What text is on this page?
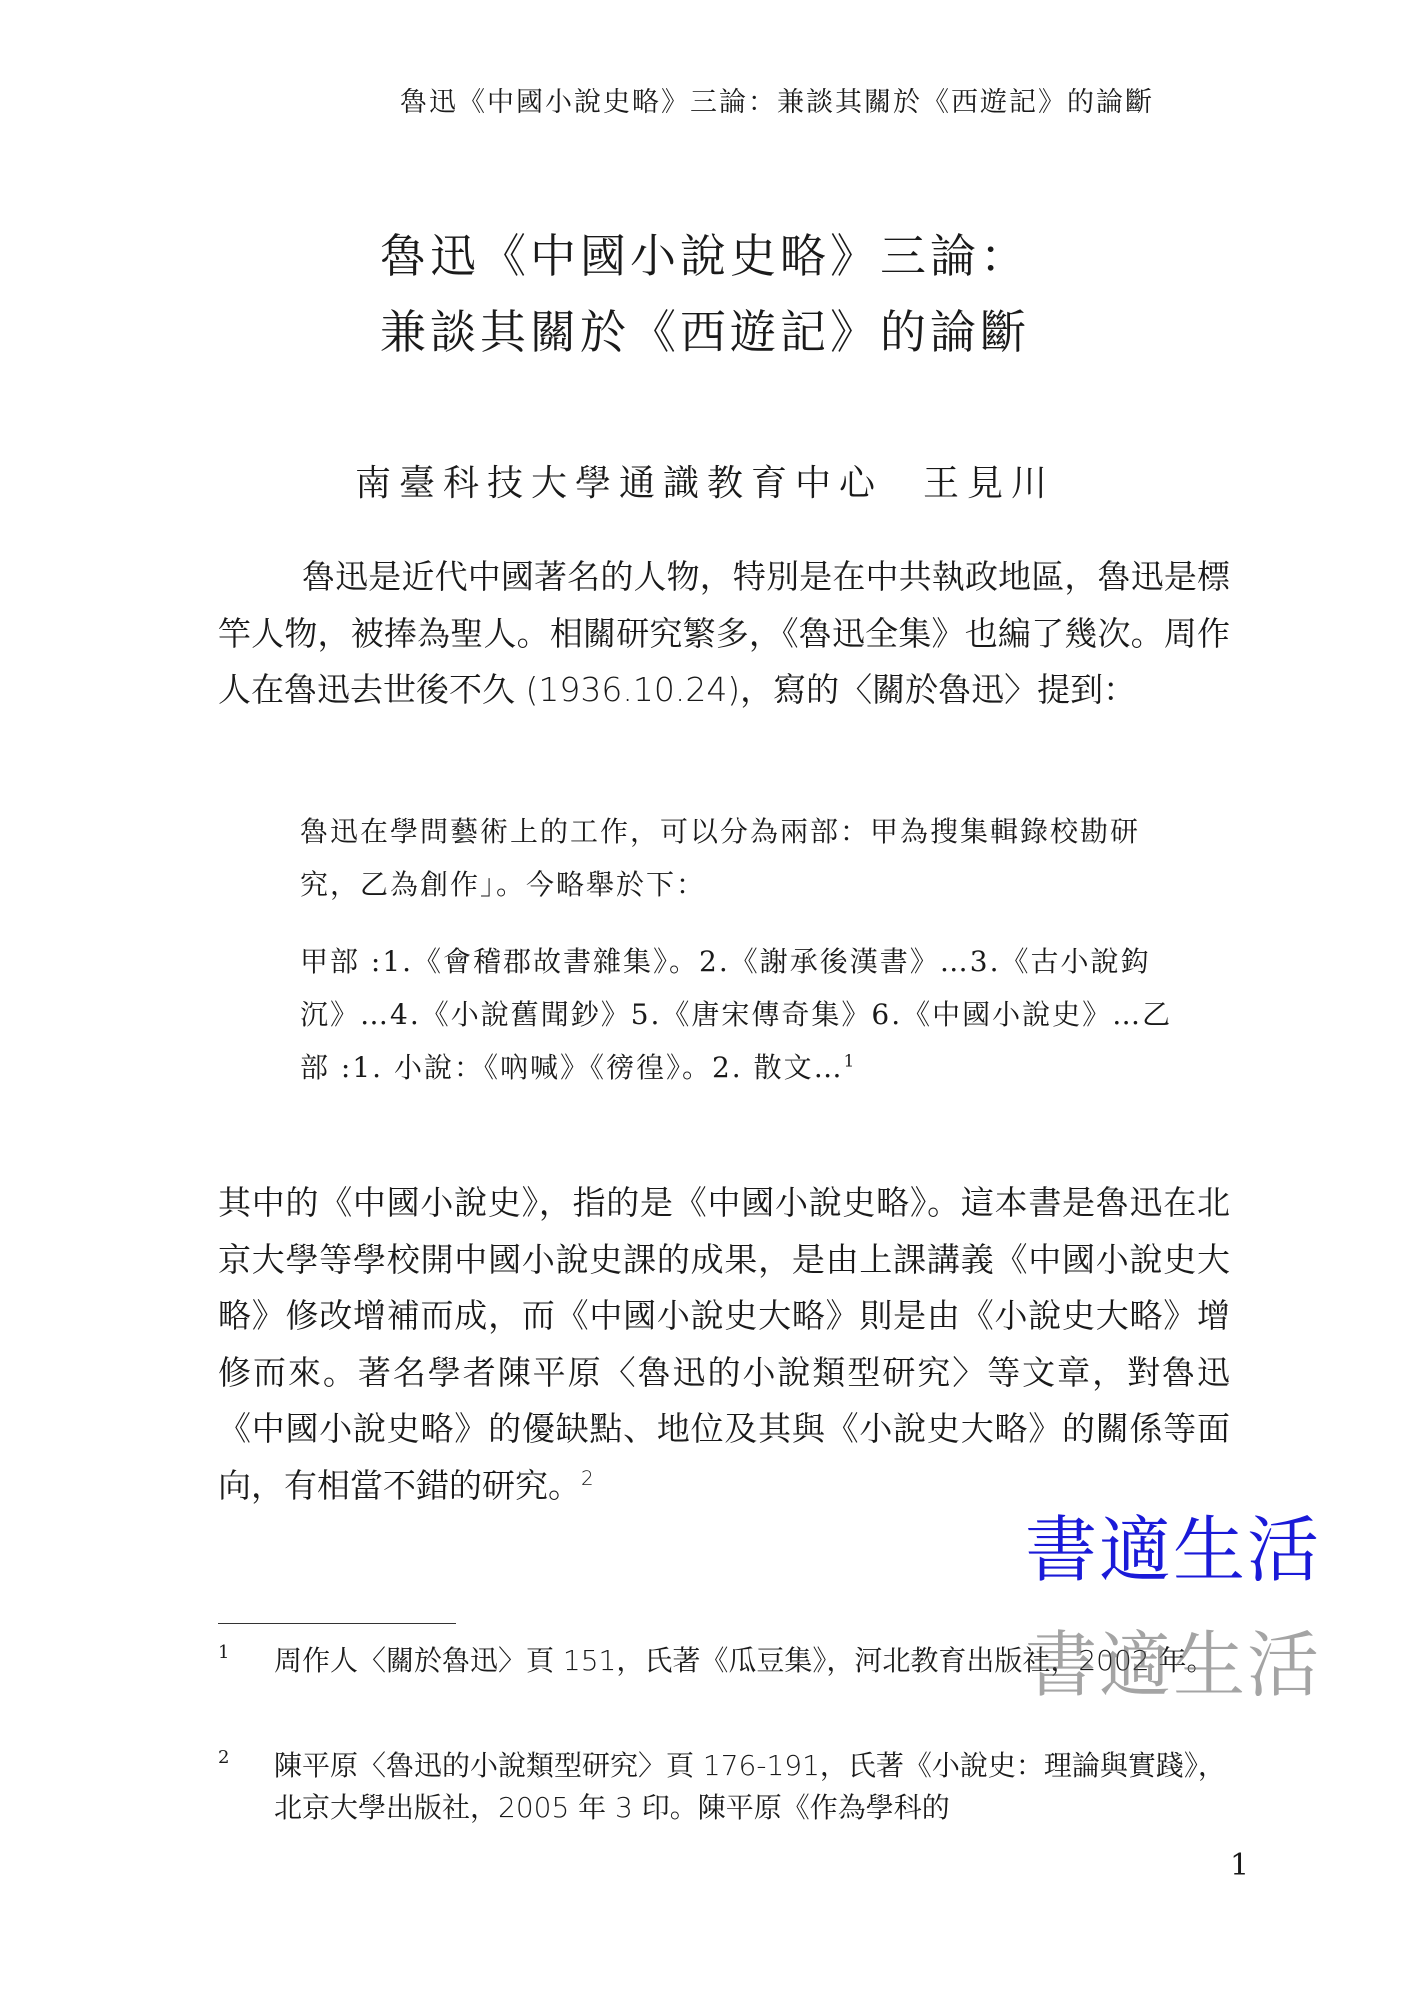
魯迅《中國小說史略》三論：兼談其關於《西遊記》的論斷
魯迅《中國小說史略》三論：
兼談其關於《西遊記》的論斷
南臺科技大學通識教育中心 王見川

魯迅是近代中國著名的人物，特別是在中共執政地區，魯迅是標竿人物，被捧為聖人。相關研究繁多，《魯迅全集》也編了幾次。周作人在魯迅去世後不久 (1936.10.24)，寫的〈關於魯迅〉提到：

魯迅在學問藝術上的工作，可以分為兩部：甲為搜集輯錄校勘研究，乙為創作」。今略舉於下：

甲部 :1.《會稽郡故書雜集》。2.《謝承後漢書》…3.《古小說鈎沉》…4.《小說舊聞鈔》5.《唐宋傳奇集》6.《中國小說史》…乙部 :1. 小說：《吶喊》《徬徨》。2. 散文…$^1$

其中的《中國小說史》，指的是《中國小說史略》。這本書是魯迅在北京大學等學校開中國小說史課的成果，是由上課講義《中國小說史大略》修改增補而成，而《中國小說史大略》則是由《小說史大略》增修而來。著名學者陳平原〈魯迅的小說類型研究〉等文章，對魯迅《中國小說史略》的優缺點、地位及其與《小說史大略》的關係等面向，有相當不錯的研究。$^2$

1 周作人〈關於魯迅〉頁 151，氏著《瓜豆集》，河北教育出版社，2002 年。

2 陳平原〈魯迅的小說類型研究〉頁 176-191，氏著《小說史：理論與實踐》，北京大學出版社，2005 年 3 印。陳平原《作為學科的

1
書適生活
書適生活
